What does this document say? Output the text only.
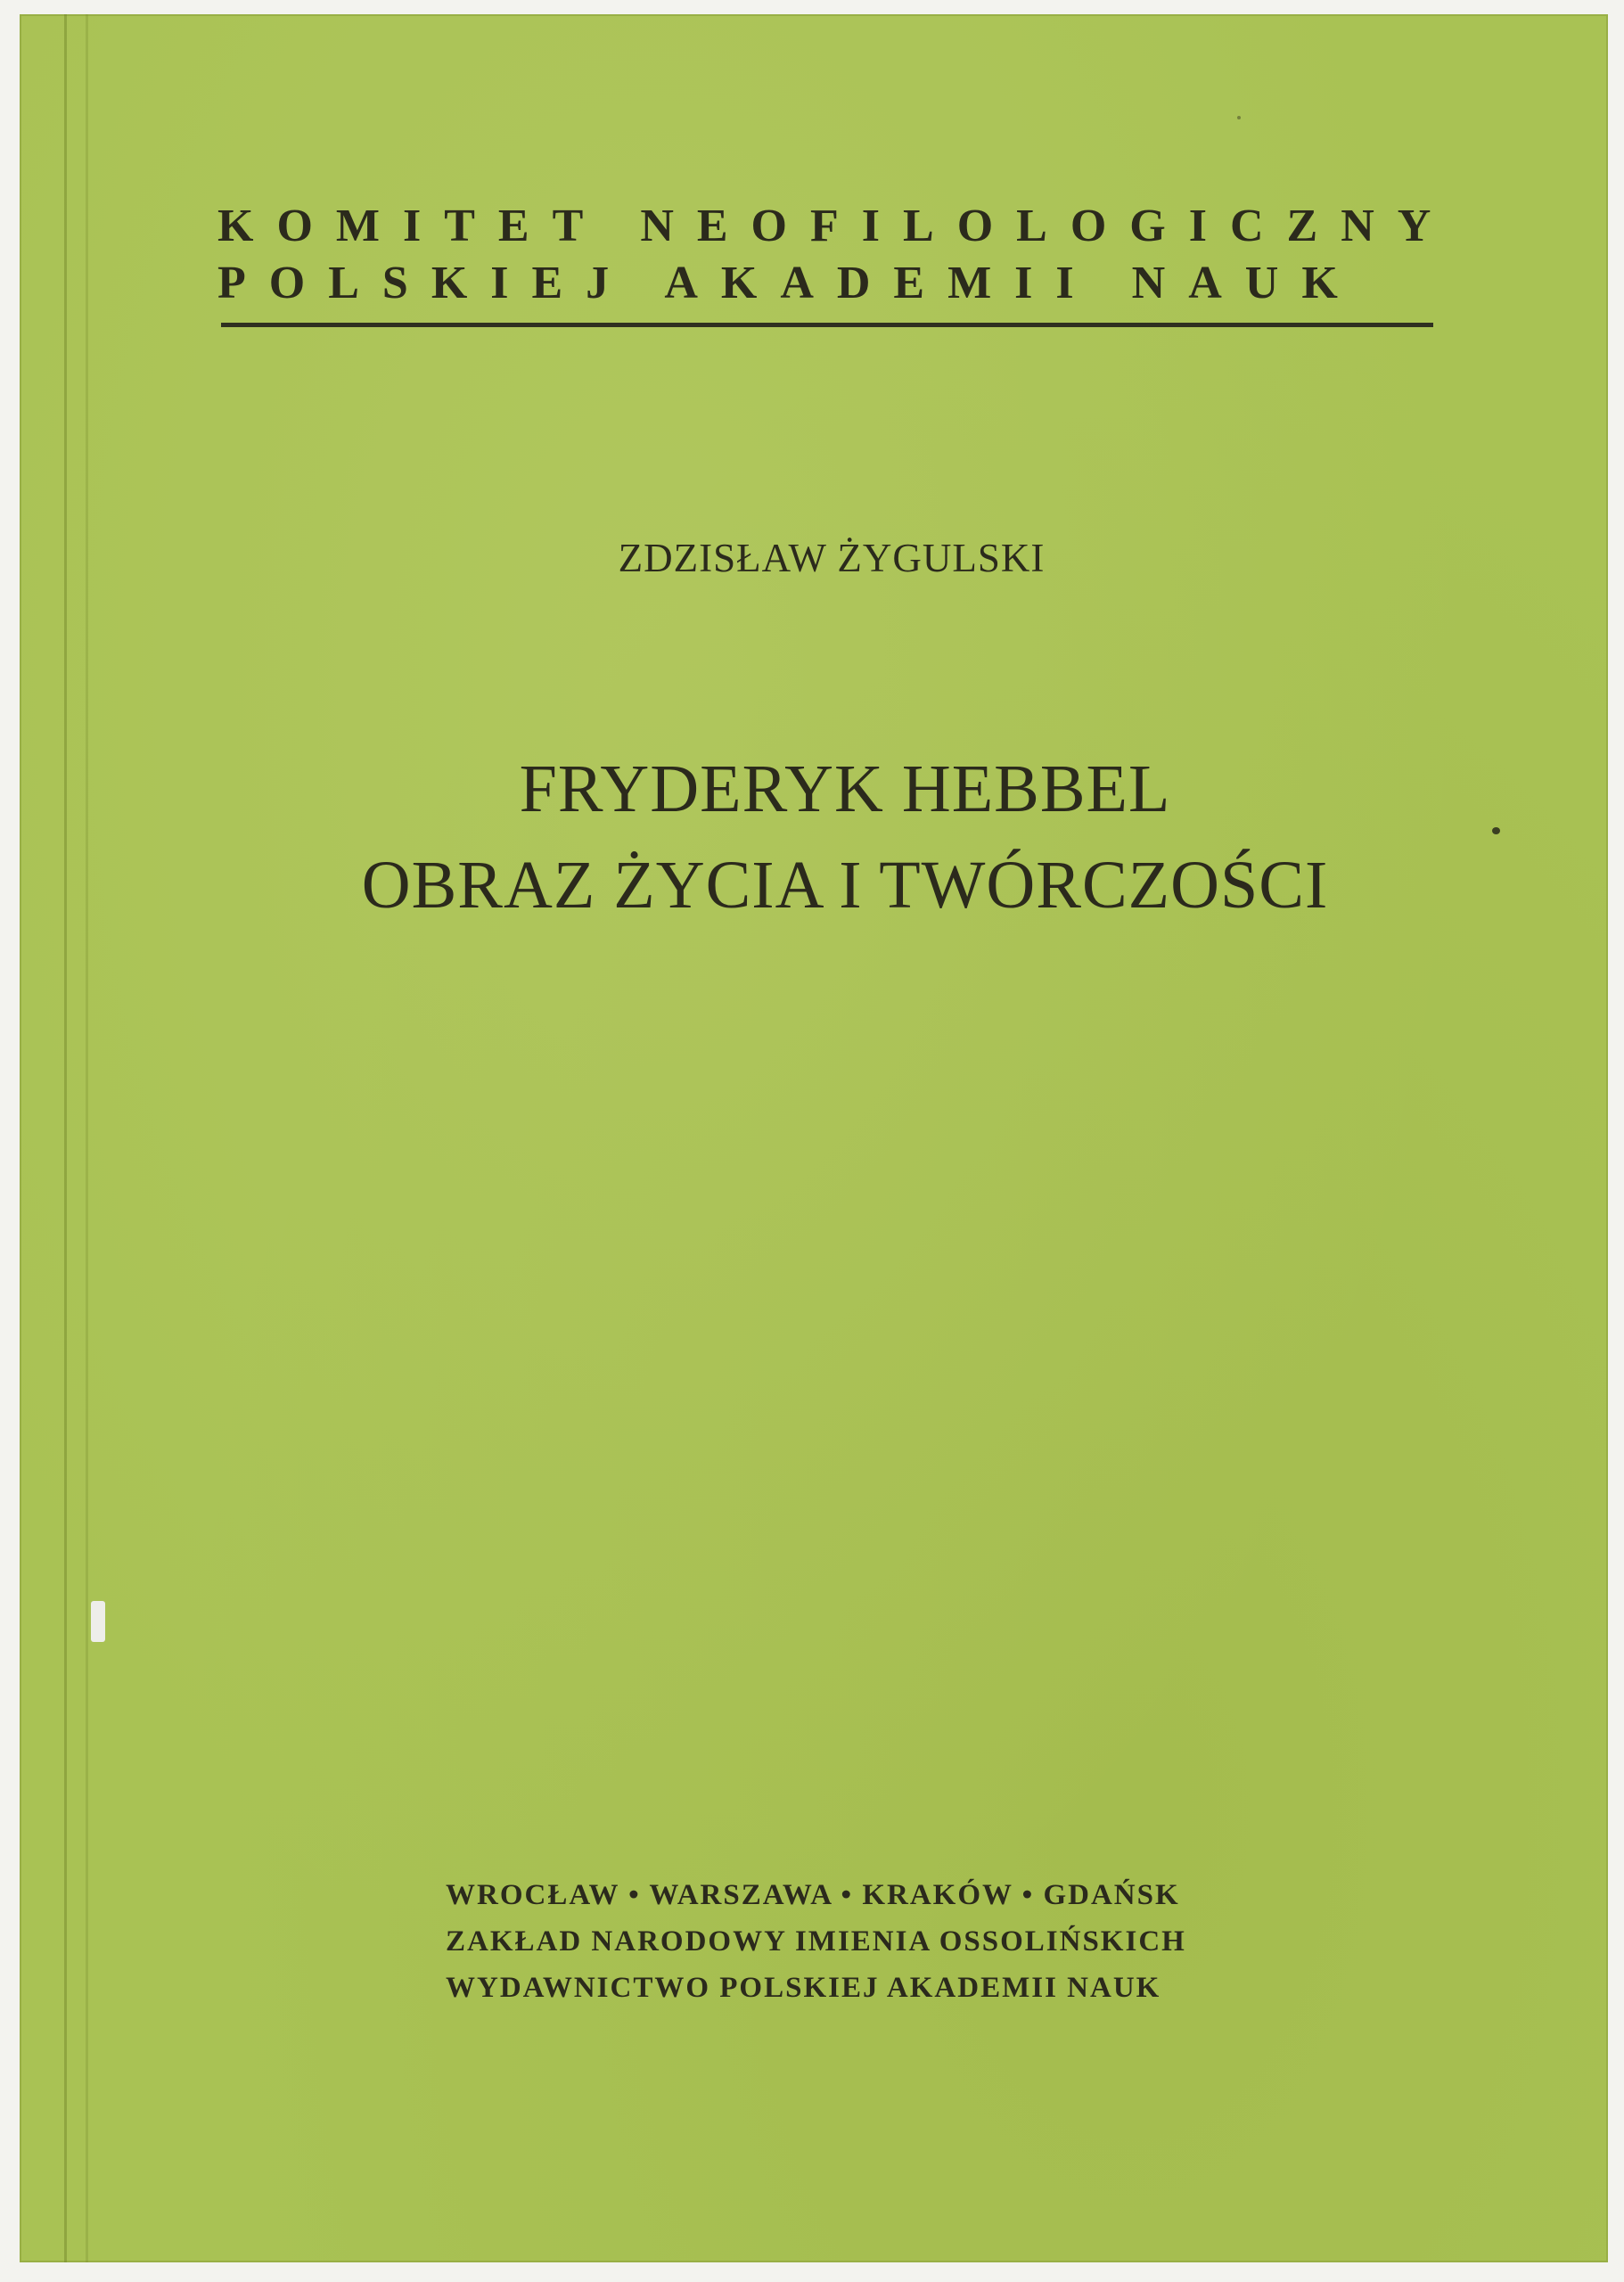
KOMITET NEOFILOLOGICZNY
POLSKIEJ AKADEMII NAUK
ZDZISŁAW ŻYGULSKI
FRYDERYK HEBBEL
OBRAZ ŻYCIA I TWÓRCZOŚCI
WROCŁAW • WARSZAWA • KRAKÓW • GDAŃSK
ZAKŁAD NARODOWY IMIENIA OSSOLIŃSKICH
WYDAWNICTWO POLSKIEJ AKADEMII NAUK
